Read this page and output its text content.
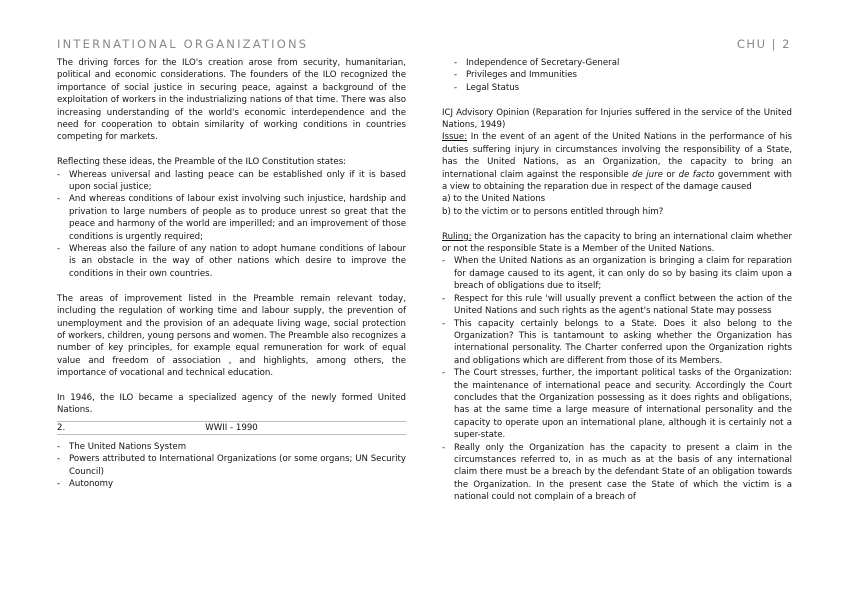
INTERNATIONAL ORGANIZATIONS	CHU | 2

The driving forces for the ILO's creation arose from security, humanitarian, political and economic considerations. The founders of the ILO recognized the importance of social justice in securing peace, against a background of the exploitation of workers in the industrializing nations of that time. There was also increasing understanding of the world's economic interdependence and the need for cooperation to obtain similarity of working conditions in countries competing for markets.

Reflecting these ideas, the Preamble of the ILO Constitution states:

- Whereas universal and lasting peace can be established only if it is based upon social justice;
- And whereas conditions of labour exist involving such injustice, hardship and privation to large numbers of people as to produce unrest so great that the peace and harmony of the world are imperilled; and an improvement of those conditions is urgently required;
- Whereas also the failure of any nation to adopt humane conditions of labour is an obstacle in the way of other nations which desire to improve the conditions in their own countries.

The areas of improvement listed in the Preamble remain relevant today, including the regulation of working time and labour supply, the prevention of unemployment and the provision of an adequate living wage, social protection of workers, children, young persons and women. The Preamble also recognizes a number of key principles, for example equal remuneration for work of equal value and freedom of association , and highlights, among others, the importance of vocational and technical education.

In 1946, the ILO became a specialized agency of the newly formed United Nations.

2.	WWII - 1990
- The United Nations System
- Powers attributed to International Organizations (or some organs; UN Security Council)
- Autonomy
- Independence of Secretary-General
- Privileges and Immunities
- Legal Status

ICJ Advisory Opinion (Reparation for Injuries suffered in the service of the United Nations, 1949)

Issue: In the event of an agent of the United Nations in the performance of his duties suffering injury in circumstances involving the responsibility of a State, has the United Nations, as an Organization, the capacity to bring an international claim against the responsible de jure or de facto government with a view to obtaining the reparation due in respect of the damage caused

a) to the United Nations

b) to the victim or to persons entitled through him?

Ruling: the Organization has the capacity to bring an international claim whether or not the responsible State is a Member of the United Nations.

- When the United Nations as an organization is bringing a claim for reparation for damage caused to its agent, it can only do so by basing its claim upon a breach of obligations due to itself;
- Respect for this rule 'will usually prevent a conflict between the action of the United Nations and such rights as the agent's national State may possess
- This capacity certainly belongs to a State. Does it also belong to the Organization? This is tantamount to asking whether the Organization has international personality. The Charter conferred upon the Organization rights and obligations which are different from those of its Members.
- The Court stresses, further, the important political tasks of the Organization: the maintenance of international peace and security. Accordingly the Court concludes that the Organization possessing as it does rights and obligations, has at the same time a large measure of international personality and the capacity to operate upon an international plane, although it is certainly not a super-state.
- Really only the Organization has the capacity to present a claim in the circumstances referred to, in as much as at the basis of any international claim there must be a breach by the defendant State of an obligation towards the Organization. In the present case the State of which the victim is a national could not complain of a breach of
